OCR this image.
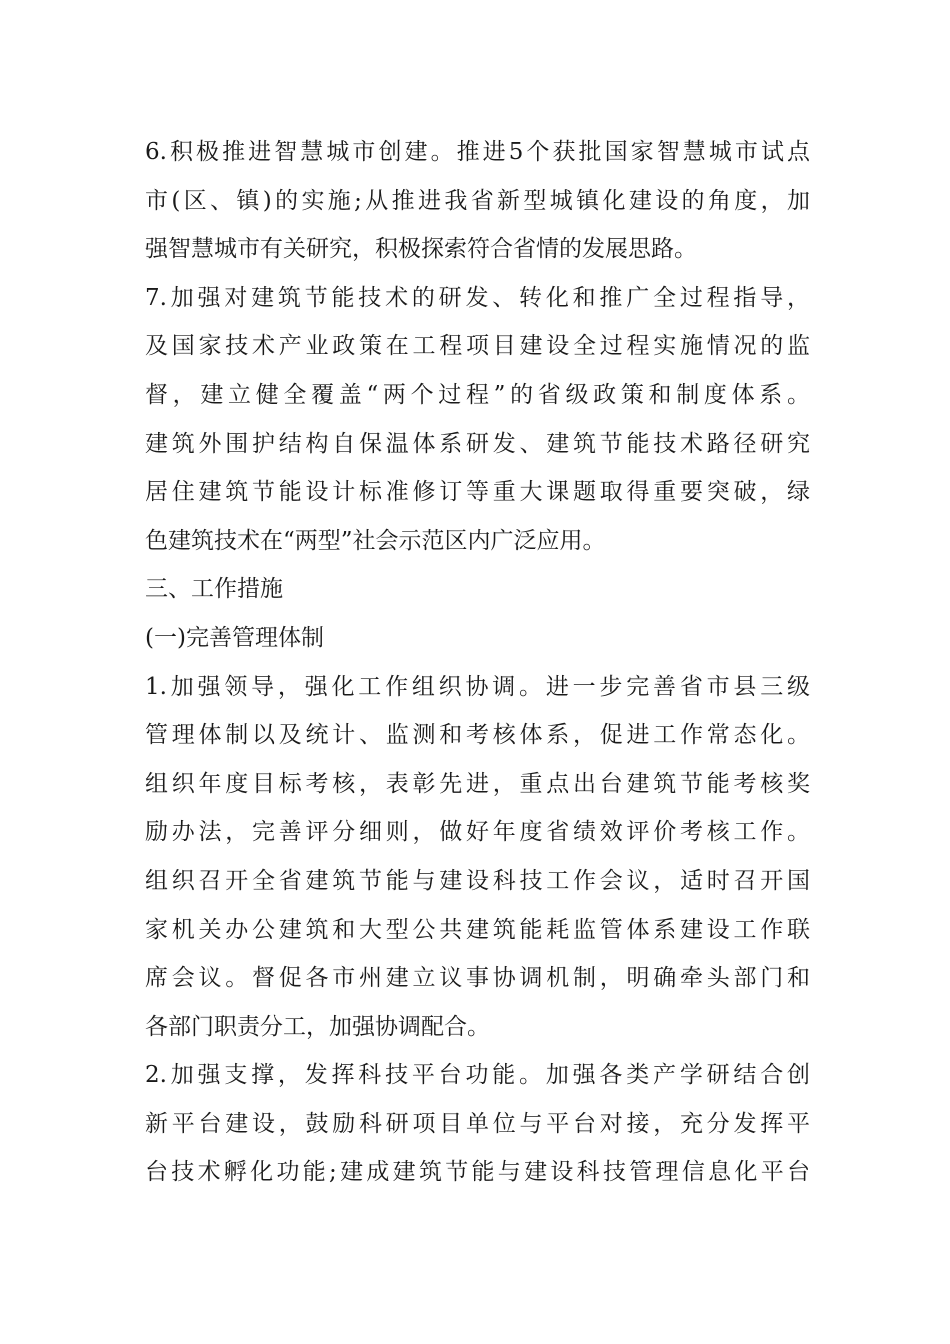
6.积极推进智慧城市创建。推进5个获批国家智慧城市试点
市(区、镇)的实施;从推进我省新型城镇化建设的角度，加
强智慧城市有关研究，积极探索符合省情的发展思路。
7.加强对建筑节能技术的研发、转化和推广全过程指导，
及国家技术产业政策在工程项目建设全过程实施情况的监
督，建立健全覆盖“两个过程”的省级政策和制度体系。
建筑外围护结构自保温体系研发、建筑节能技术路径研究
居住建筑节能设计标准修订等重大课题取得重要突破，绿
色建筑技术在“两型”社会示范区内广泛应用。
三、工作措施
(一)完善管理体制
1.加强领导，强化工作组织协调。进一步完善省市县三级
管理体制以及统计、监测和考核体系，促进工作常态化。
组织年度目标考核，表彰先进，重点出台建筑节能考核奖
励办法，完善评分细则，做好年度省绩效评价考核工作。
组织召开全省建筑节能与建设科技工作会议，适时召开国
家机关办公建筑和大型公共建筑能耗监管体系建设工作联
席会议。督促各市州建立议事协调机制，明确牵头部门和
各部门职责分工，加强协调配合。
2.加强支撑，发挥科技平台功能。加强各类产学研结合创
新平台建设，鼓励科研项目单位与平台对接，充分发挥平
台技术孵化功能;建成建筑节能与建设科技管理信息化平台
